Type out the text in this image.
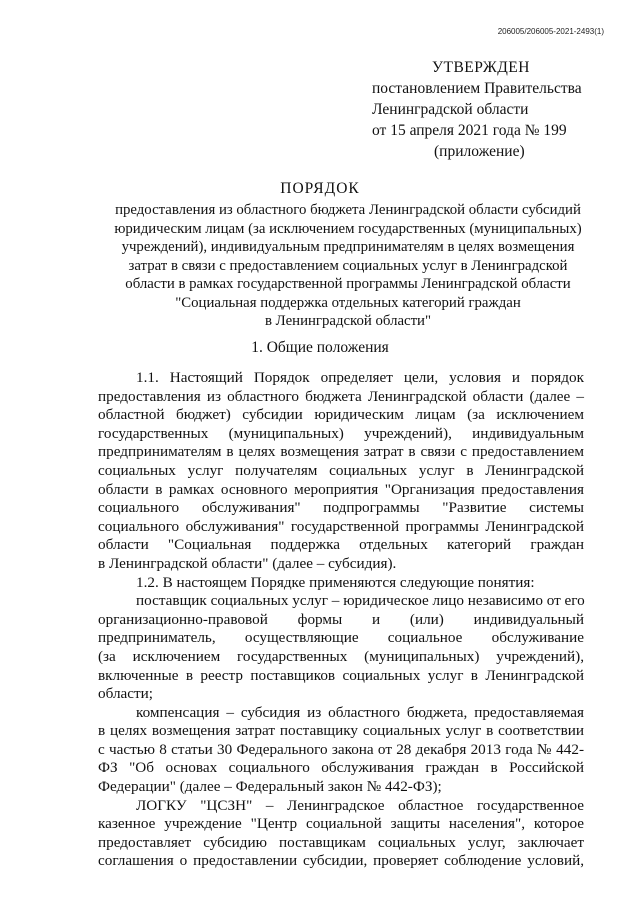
206005/206005-2021-2493(1)
УТВЕРЖДЕН
постановлением Правительства
Ленинградской области
от 15 апреля 2021 года № 199
(приложение)
ПОРЯДОК
предоставления из областного бюджета Ленинградской области субсидий
юридическим лицам (за исключением государственных (муниципальных)
учреждений), индивидуальным предпринимателям в целях возмещения
затрат в связи с предоставлением социальных услуг в Ленинградской
области в рамках государственной программы Ленинградской области
"Социальная поддержка отдельных категорий граждан
в Ленинградской области"
1. Общие положения
1.1. Настоящий Порядок определяет цели, условия и порядок
предоставления из областного бюджета Ленинградской области (далее –
областной бюджет) субсидии юридическим лицам (за исключением
государственных (муниципальных) учреждений), индивидуальным
предпринимателям в целях возмещения затрат в связи с предоставлением
социальных услуг получателям социальных услуг в Ленинградской
области в рамках основного мероприятия "Организация предоставления
социального обслуживания" подпрограммы "Развитие системы
социального обслуживания" государственной программы Ленинградской
области "Социальная поддержка отдельных категорий граждан
в Ленинградской области" (далее – субсидия).
1.2. В настоящем Порядке применяются следующие понятия:
поставщик социальных услуг – юридическое лицо независимо от его
организационно-правовой формы и (или) индивидуальный
предприниматель, осуществляющие социальное обслуживание
(за исключением государственных (муниципальных) учреждений),
включенные в реестр поставщиков социальных услуг в Ленинградской
области;
компенсация – субсидия из областного бюджета, предоставляемая
в целях возмещения затрат поставщику социальных услуг в соответствии
с частью 8 статьи 30 Федерального закона от 28 декабря 2013 года № 442-
ФЗ "Об основах социального обслуживания граждан в Российской
Федерации" (далее – Федеральный закон № 442-ФЗ);
ЛОГКУ "ЦСЗН" – Ленинградское областное государственное
казенное учреждение "Центр социальной защиты населения", которое
предоставляет субсидию поставщикам социальных услуг, заключает
соглашения о предоставлении субсидии, проверяет соблюдение условий,
